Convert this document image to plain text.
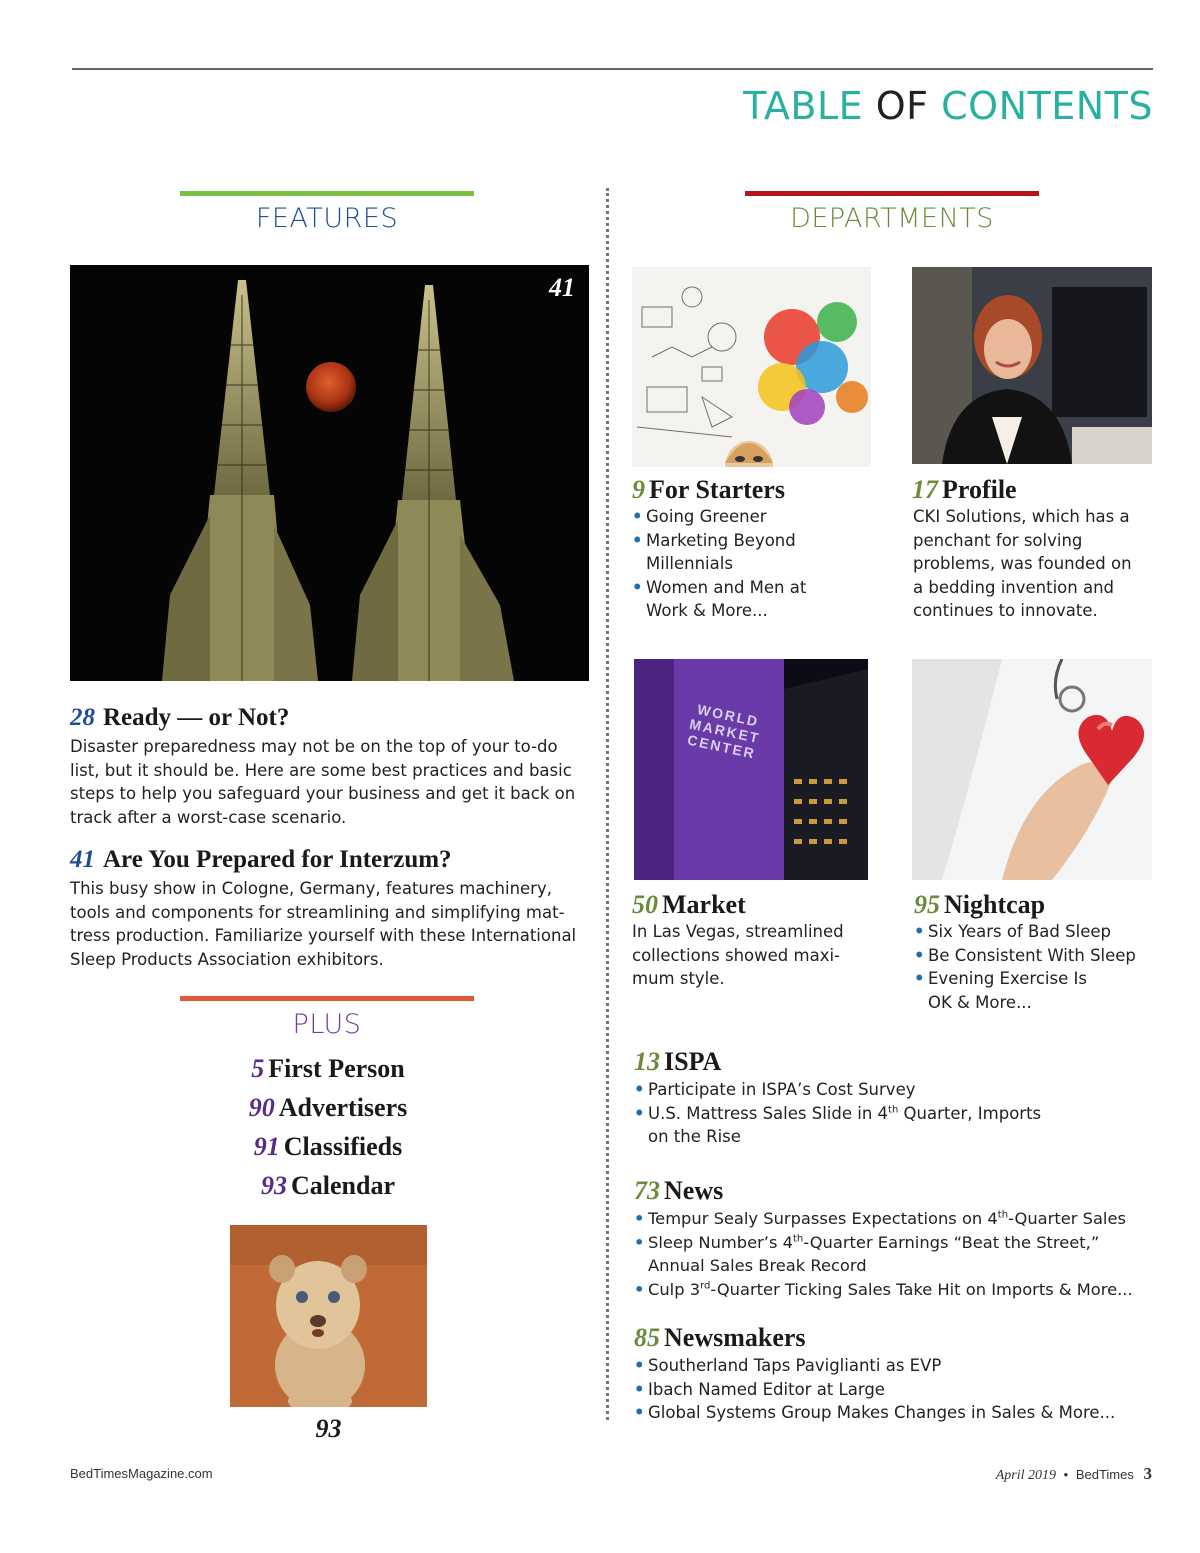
TABLE OF CONTENTS
FEATURES	DEPARTMENTS
41
28 Ready — or Not?
Disaster preparedness may not be on the top of your to-do list, but it should be. Here are some best practices and basic steps to help you safeguard your business and get it back on track after a worst-case scenario.
41 Are You Prepared for Interzum?
This busy show in Cologne, Germany, features machinery, tools and components for streamlining and simplifying mat-tress production. Familiarize yourself with these International Sleep Products Association exhibitors.
PLUS
5 First Person
90 Advertisers
91 Classifieds
93 Calendar
93
9 For Starters
• Going Greener
• Marketing Beyond Millennials
• Women and Men at Work & More...
17 Profile
CKI Solutions, which has a penchant for solving problems, was founded on a bedding invention and continues to innovate.
WORLD MARKET CENTER
50 Market
In Las Vegas, streamlined collections showed maxi-mum style.
95 Nightcap
• Six Years of Bad Sleep
• Be Consistent With Sleep
• Evening Exercise Is OK & More...
13 ISPA
• Participate in ISPA’s Cost Survey
• U.S. Mattress Sales Slide in 4th Quarter, Imports on the Rise
73 News
• Tempur Sealy Surpasses Expectations on 4th-Quarter Sales
• Sleep Number’s 4th-Quarter Earnings “Beat the Street,” Annual Sales Break Record
• Culp 3rd-Quarter Ticking Sales Take Hit on Imports & More...
85 Newsmakers
• Southerland Taps Paviglianti as EVP
• Ibach Named Editor at Large
• Global Systems Group Makes Changes in Sales & More...
BedTimesMagazine.com	April 2019 • BedTimes 3
